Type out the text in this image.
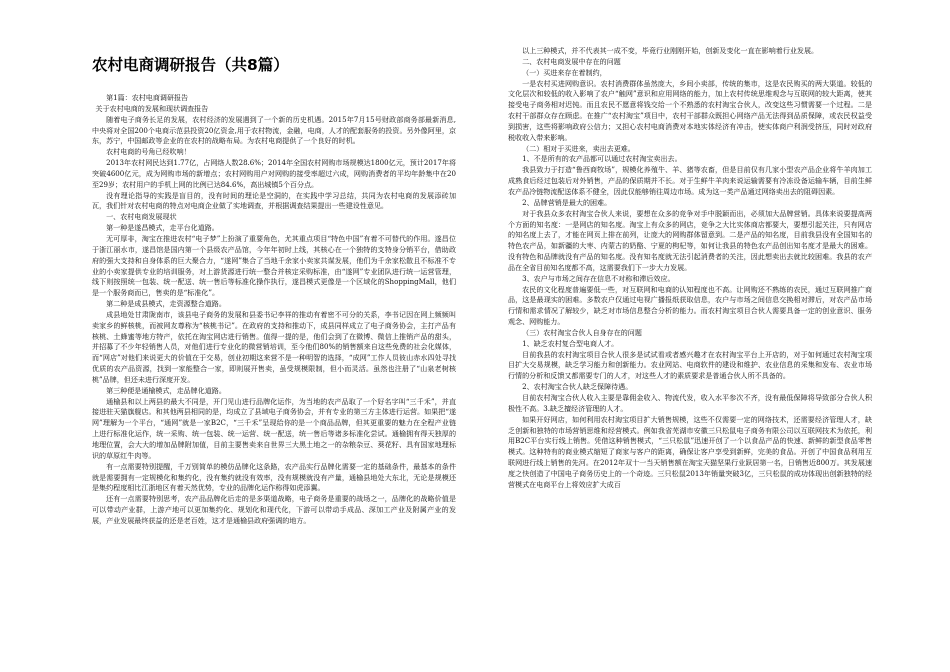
农村电商调研报告（共8篇）

第1篇：农村电商调研报告

关于农村电商的发展和现状调查报告

随着电子商务长足的发展，农村经济的发展遇到了一个新的历史机遇。2015年7月15号财政部商务部最新消息,中央将对全国200个电商示范县投资20亿资金,用于农村物流，金融，电商，人才的配套服务的投资。另外像阿里，京东，苏宁，中国邮政等企业的在农村的战略布局。为农村电商提供了一个良好的时机。

农村电商的号角已经吹响！

2013年农村网民达到1.77亿，占网络人数28.6%；2014年全国农村网购市场规模达1800亿元，预计2017年将突破4600亿元，成为网购市场的新增点；农村网购用户对网购的接受率超过六成，网购消费者的平均年龄集中在20至29岁；农村用户的手机上网的比例已达84.6%，高出城镇5个百分点。

没有理论指导的实践是盲目的，没有时间的理论是空洞的，在实践中学习总结，共同为农村电商的发展添砖加瓦，我们针对农村电商的特点对电商企业做了实地调查，并根据调查结果提出一些建设性意见。

一、农村电商发展现状

第一种是遂昌模式，走平台化道路。

无可厚非，淘宝在推进农村“电子梦”上扮演了重要角色，尤其重点项目“特色中国”有着不可替代的作用。遂昌位于浙江丽水市，遂昌馆是国内第一个县级农产品馆，今年年初时上线，其核心在一个独特的支特身分销平台，借助政府的强大支持和自身体系的巨大聚合力，“遂网”集合了当地千余家小卖家共谋发展，他们为千余家松散且不标准不专业的小卖家提供专业的培训服务，对上游货源进行统一整合并核定采购标准，由“遂网”专业团队进行统一运营管理，线下则按照统一包装、统一配送、统一售后等标准化操作执行，遂昌模式更像是一个区域化的ShoppingMall，他们是一个服务商而已，售卖的是“标准化”。

第二种是成县模式，走资源整合道路。

成县地处甘肃陇南市，该县电子商务的发展和县委书记李祥的推动有着密不可分的关系，李书记因在网上频频叫卖家乡的鲜核桃，而被网友尊称为“核桃书记”。在政府的支持和推动下，成县同样成立了电子商务协会，主打产品有核桃、土蜂蜜等地方特产，依托在淘宝网店进行销售。值得一提的是，他们会到了在微博、微信上推销产品的甜头，并招募了不少年轻销售人员，对他们进行专业化的微营销培训，至今他们80%的销售额来自这些免费的社会化媒体，而“网店”对他们来说更大的价值在于交易，创业初期这来营不是一种明智的选择，“成网”工作人员彼山赤水四处寻找优质的农产品资源，找到一家能整合一家，即则展开售卖，虽受规模限制，但小而灵活。虽然也注册了“山泉老树核桃”品牌，但还未进行深度开发。

第三种便是通榆模式，走品牌化道路。

通榆县和以上两县的最大不同是，开门见山进行品牌化运作，为当地的农产品取了一个好名字叫“三千禾”，并直接进驻天猫旗舰店。和其他两县相同的是，均成立了县域电子商务协会，并有专业的第三方主体进行运营。如果把“遂网”理解为一个平台，“通网”就是一家B2C，“三千禾”呈现给你的是一个商品品牌，但其更重要的魅力在全程产业链上进行标准化运作，统一采购、统一包装、统一运营、统一配送，统一售后等诸多标准化尝试。通榆拥有得天独厚的地理位置，会大大的增加品牌附加值，目前主要售卖来自世界三大黑土地之一的杂粮杂豆、葵花籽、具有国家地理标识的草原红牛肉等。

有一点需要特别提醒，千万别简单的模仿品牌化这条路，农产品实行品牌化需要一定的基础条件，最基本的条件就是需要拥有一定规模化和集约化，没有集约就没有效率，没有规模就没有产量，通榆县地处大东北，无论是规模还是集约程度相比江浙地区有着天然优势，专业的品牌化运作称得如虎添翼。

还有一点需要特别思考，农产品品牌化后走的是多渠道战略，电子商务是重要的战场之一，品牌化的战略价值是可以带动产业群，上游产地可以更加集约化、规划化和现代化，下游可以带动手成品、深加工产业及附属产业的发展，产业发展最终获益的还是老百姓，这才是通榆县政府强调的地方。

以上三种模式，并不代表其一成不变，毕竟行业刚刚开始，创新及变化一直在影响着行业发展。

二、农村电商发展中存在的问题

（一）买进来存在着制约，

一是农村买进网购意识。农村消费群体虽然庞大，乡间小卖部，传统的集市，这是农民购买的两大渠道。较低的文化层次和较低的收入影响了农户“触网”意识和应用网络的能力，加上农村传统思维观念与互联网的较大距离，使其接受电子商务相对迟钝。而且农民不愿意将钱交给一个不熟悉的农村淘宝合伙人，改变这些习惯需要一个过程。二是农村干部群众存在顾虑。在推广“农村淘宝”项目中，农村干部群众既担心网络产品无法得到品质保障，或农民权益受到损害，这些将影响政府公信力；又担心农村电商消费对本地实体经济有冲击，使实体商户利润受挤压，同时对政府税收收入带来影响。

（二）相对于买进来，卖出去更难。

1、不是所有的农产品都可以通过农村淘宝卖出去。

我县致力于打造“鲁西商牧场”，规模化养殖牛、羊、猪等农畜，但是目前仅有几家小型农产品企业将牛羊肉加工成熟食后经过包装后对外销售，产品的保质期并不长。对于生鲜牛羊肉来说运输需要有冷冻设备运输车辆，目前生鲜农产品冷链物流配送体系不健全，因此仅能够销往周边市场。成为这一类产品通过网络卖出去的阻碍因素。

2、品牌营销是最大的困难。

对于我县众多农村淘宝合伙人来说，要想在众多的竞争对手中脱颖而出，必须加大品牌营销。具体来说要提高两个方面的知名度：一是网店的知名度。淘宝上有众多的网店，竞争之大比实体商店都要大，要想引起关注，只有网店的知名度上去了，才能在网页上排在前列，让庞大的网购群体留意到。二是产品的知名度，目前我县没有全国知名的特色农产品，如新疆的大枣、内蒙古的奶酪、宁夏的枸杞等，如何让我县的特色农产品创出知名度才是最大的困难。没有特色和品牌就没有产品的知名度。没有知名度就无法引起消费者的关注，因此想卖出去就比较困难。我县的农产品在全省目前知名度都不高，这需要我们下一步大力发展。

3、农户与市场之间存在信息不对称和滞后效应。

农民的文化程度普遍要低一些，对互联网和电商的认知程度也不高。让网购还不熟练的农民，通过互联网推广商品，这是最现实的困难。多数农户仅通过电视广播报纸获取信息，农户与市场之间信息交换相对滞后，对农产品市场行情和需求情况了解较少，缺乏对市场信息整合分析的能力。而农村淘宝项目合伙人需要具备一定的创业意识、服务观念、网购能力。

（三）农村淘宝合伙人自身存在的问题

1、缺乏农村复合型电商人才。

目前我县的农村淘宝项目合伙人很多是试试看或者感兴趣才在农村淘宝平台上开店的，对于如何通过农村淘宝项目扩大交易规模，缺乏学习能力和创新能力。农业网站、电商软件的建设和维护、农业信息的采集和发布、农业市场行情的分析和反馈又都需要专门的人才，对这些人才的素质要求是普通合伙人所不具备的。

2、农村淘宝合伙人缺乏保障待遇。

目前农村淘宝合伙人收入主要是靠佣金收入、物流代发，收入水平参次不齐，没有最低保障将导致部分合伙人积极性不高。3.缺乏擅经济管理的人才。

如果开好网店，如何利用农村淘宝项目扩大销售规模，这些不仅需要一定的网络技术，还需要经济管理人才，缺乏创新和独特的市场营销思维和经营模式。例如我省芜湖市安徽三只松鼠电子商务有限公司以互联网技术为依托，利用B2C平台实行线上销售。凭借这种销售模式，“三只松鼠”迅速开创了一个以食品产品的快速、新鲜的新型食品零售模式。这种特有的商业模式缩短了商家与客户的距离，确保让客户享受到新鲜，完美的食品。开创了中国食品利用互联网进行线上销售的先河。在2012年双十一当天销售额在淘宝天猫坚果行业跃居第一名，日销售近800万。其发展速度之快创造了中国电子商务历史上的一个奇迹。三只松鼠2013年销量突破3亿，三只松鼠的成功体现出创新独特的经营模式在电商平台上将效应扩大成百
